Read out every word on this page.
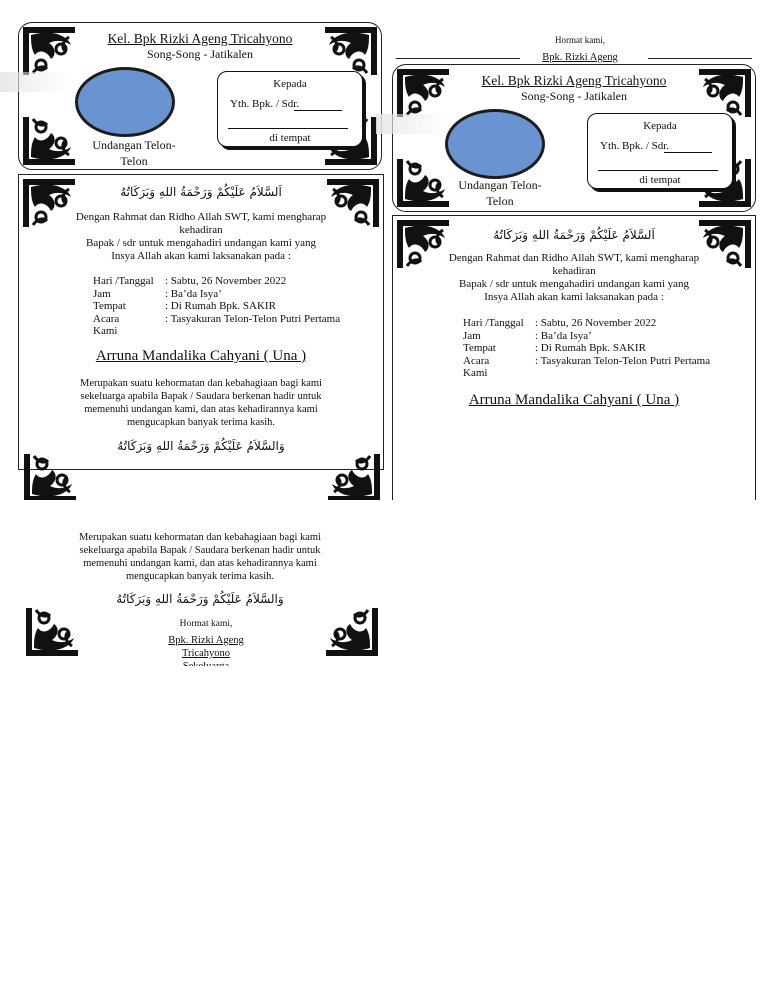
Kel. Bpk Rizki Ageng Tricahyono
Song-Song - Jatikalen
Undangan Telon-Telon
Kepada
Yth. Bpk. / Sdr.
di tempat
اَلسَّلاَمُ عَلَيْكُمْ وَرَحْمَةُ اللهِ وَبَرَكَاتُهُ
Dengan Rahmat dan Ridho Allah SWT, kami mengharap
kehadiran
Bapak / sdr untuk mengahadiri undangan kami yang
Insya Allah akan kami laksanakan pada :
Hari /Tanggal : Sabtu, 26 November 2022
Jam	: Ba’da Isya’
Tempat	: Di Rumah Bpk. SAKIR
Acara	: Tasyakuran Telon-Telon Putri Pertama
Kami
Arruna Mandalika Cahyani ( Una )
Merupakan suatu kehormatan dan kebahagiaan bagi kami
sekeluarga apabila Bapak / Saudara berkenan hadir untuk
memenuhi undangan kami, dan atas kehadirannya kami
mengucapkan banyak terima kasih.
وَالسَّلاَمُ عَلَيْكُمْ وَرَحْمَةُ اللهِ وَبَرَكَاتُهُ
Hormat kami,
Bpk. Rizki Ageng
Kel. Bpk Rizki Ageng Tricahyono
Song-Song - Jatikalen
Undangan Telon-Telon
Kepada
Yth. Bpk. / Sdr.
di tempat
اَلسَّلاَمُ عَلَيْكُمْ وَرَحْمَةُ اللهِ وَبَرَكَاتُهُ
Dengan Rahmat dan Ridho Allah SWT, kami mengharap
kehadiran
Bapak / sdr untuk mengahadiri undangan kami yang
Insya Allah akan kami laksanakan pada :
Hari /Tanggal : Sabtu, 26 November 2022
Jam	: Ba’da Isya’
Tempat	: Di Rumah Bpk. SAKIR
Acara	: Tasyakuran Telon-Telon Putri Pertama
Kami
Arruna Mandalika Cahyani ( Una )
Merupakan suatu kehormatan dan kebahagiaan bagi kami
sekeluarga apabila Bapak / Saudara berkenan hadir untuk
memenuhi undangan kami, dan atas kehadirannya kami
mengucapkan banyak terima kasih.
وَالسَّلاَمُ عَلَيْكُمْ وَرَحْمَةُ اللهِ وَبَرَكَاتُهُ
Hormat kami,
Bpk. Rizki Ageng
Tricahyono
